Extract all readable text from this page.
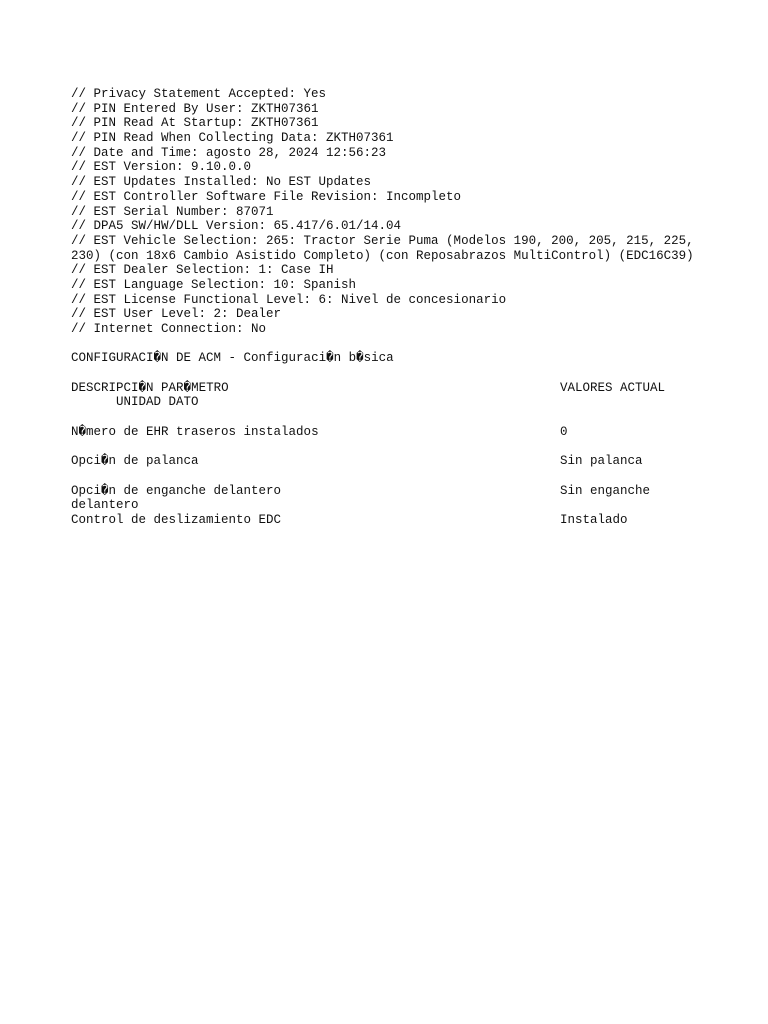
// Privacy Statement Accepted: Yes
// PIN Entered By User: ZKTH07361
// PIN Read At Startup: ZKTH07361
// PIN Read When Collecting Data: ZKTH07361
// Date and Time: agosto 28, 2024 12:56:23
// EST Version: 9.10.0.0
// EST Updates Installed: No EST Updates
// EST Controller Software File Revision: Incompleto
// EST Serial Number: 87071
// DPA5 SW/HW/DLL Version: 65.417/6.01/14.04
// EST Vehicle Selection: 265: Tractor Serie Puma (Modelos 190, 200, 205, 215, 225,
230) (con 18x6 Cambio Asistido Completo) (con Reposabrazos MultiControl) (EDC16C39)
// EST Dealer Selection: 1: Case IH
// EST Language Selection: 10: Spanish
// EST License Functional Level: 6: Nivel de concesionario
// EST User Level: 2: Dealer
// Internet Connection: No
CONFIGURACI�N DE ACM - Configuraci�n b�sica
DESCRIPCI�N PAR�METRO	VALORES ACTUAL
UNIDAD DATO
N�mero de EHR traseros instalados	0
Opci�n de palanca	Sin palanca
Opci�n de enganche delantero	Sin enganche
delantero
Control de deslizamiento EDC	Instalado
